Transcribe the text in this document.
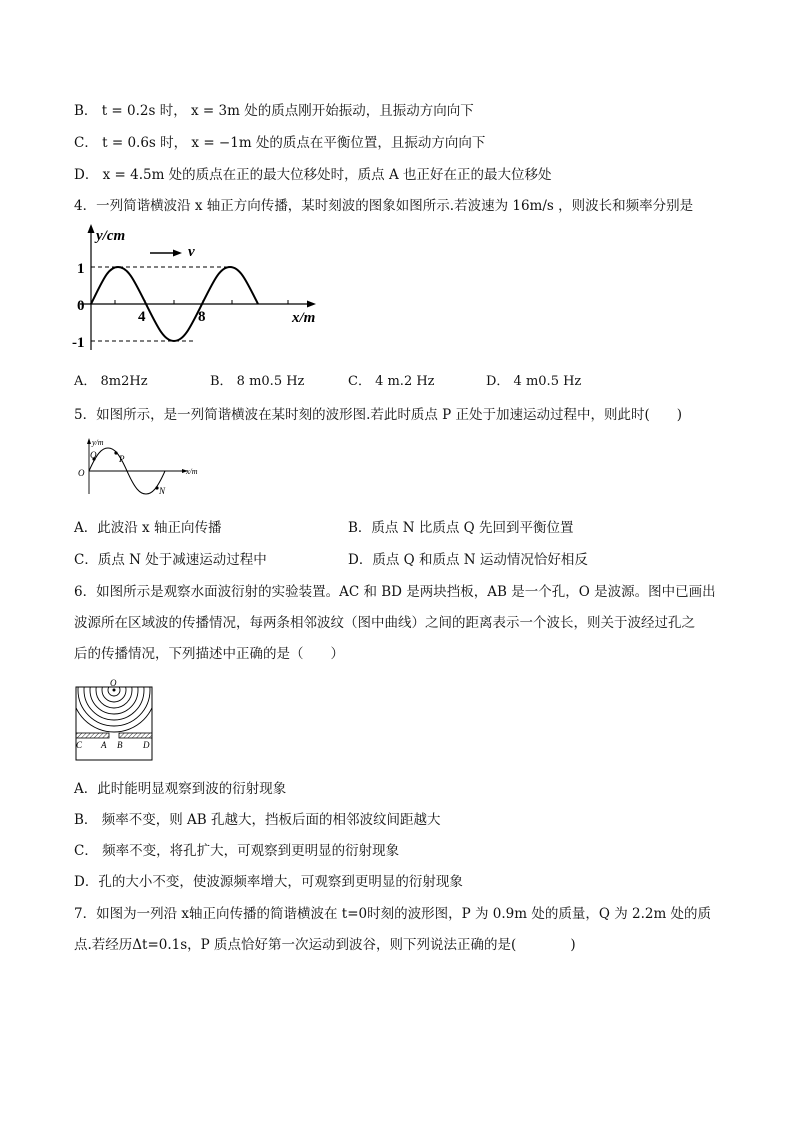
B． t = 0.2s 时， x = 3m 处的质点刚开始振动，且振动方向向下
C． t = 0.6s 时， x = −1m 处的质点在平衡位置，且振动方向向下
D． x = 4.5m 处的质点在正的最大位移处时，质点 A 也正好在正的最大位移处
4．一列简谐横波沿 x 轴正方向传播，某时刻波的图象如图所示.若波速为 16m/s ，则波长和频率分别是
v
y/cm
x/m
1
0
-1
4	8
A． 8m2Hz	B． 8 m0.5 Hz	C． 4 m.2 Hz	D． 4 m0.5 Hz
5．如图所示，是一列简谐横波在某时刻的波形图.若此时质点 P 正处于加速运动过程中，则此时(　　)
y/m
x/m
O
Q	P
N
A．此波沿 x 轴正向传播	B．质点 N 比质点 Q 先回到平衡位置
C．质点 N 处于减速运动过程中	D．质点 Q 和质点 N 运动情况恰好相反
6．如图所示是观察水面波衍射的实验装置。AC 和 BD 是两块挡板，AB 是一个孔，O 是波源。图中已画出
波源所在区域波的传播情况，每两条相邻波纹（图中曲线）之间的距离表示一个波长，则关于波经过孔之
后的传播情况，下列描述中正确的是（　　）
O
C A B D
A．此时能明显观察到波的衍射现象
B． 频率不变，则 AB 孔越大，挡板后面的相邻波纹间距越大
C． 频率不变，将孔扩大，可观察到更明显的衍射现象
D．孔的大小不变，使波源频率增大，可观察到更明显的衍射现象
7．如图为一列沿 x轴正向传播的简谐横波在 t=0时刻的波形图，P 为 0.9m 处的质量，Q 为 2.2m 处的质
点.若经历Δt=0.1s，P 质点恰好第一次运动到波谷，则下列说法正确的是(　　　　)
